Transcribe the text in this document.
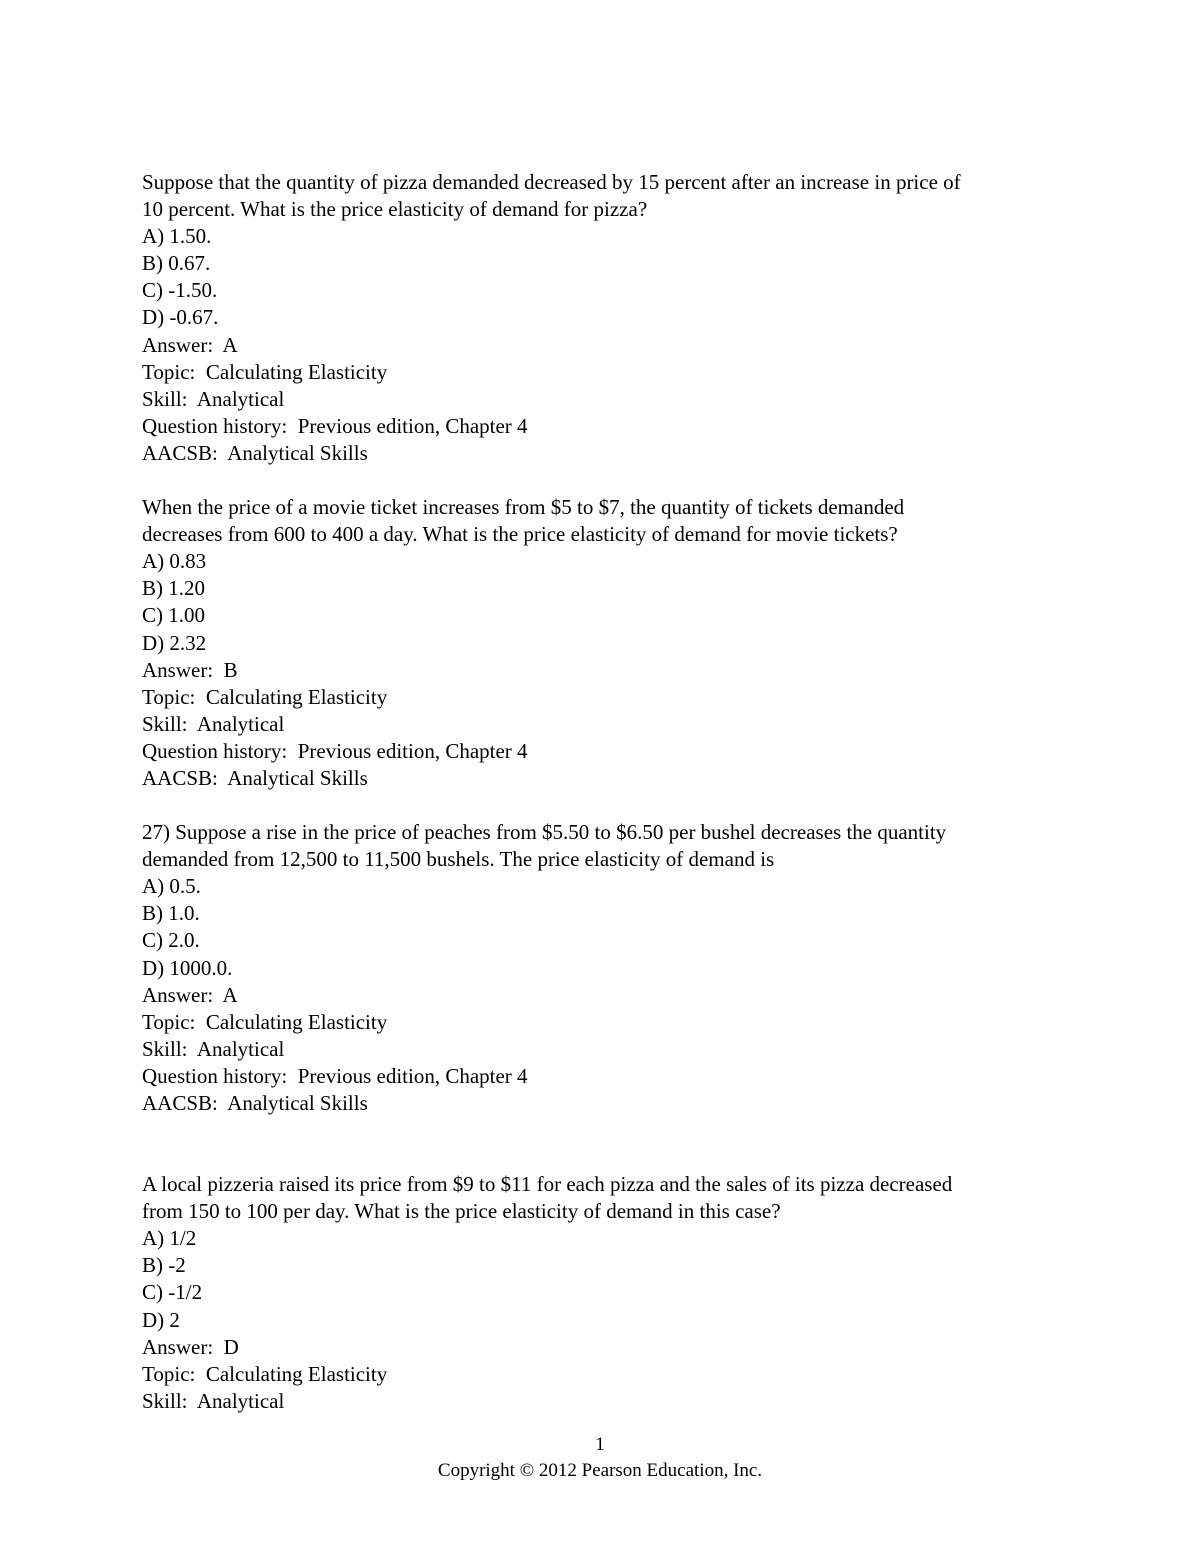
Suppose that the quantity of pizza demanded decreased by 15 percent after an increase in price of
10 percent. What is the price elasticity of demand for pizza?
A) 1.50.
B) 0.67.
C) -1.50.
D) -0.67.
Answer:  A
Topic:  Calculating Elasticity
Skill:  Analytical
Question history:  Previous edition, Chapter 4
AACSB:  Analytical Skills
When the price of a movie ticket increases from $5 to $7, the quantity of tickets demanded
decreases from 600 to 400 a day. What is the price elasticity of demand for movie tickets?
A) 0.83
B) 1.20
C) 1.00
D) 2.32
Answer:  B
Topic:  Calculating Elasticity
Skill:  Analytical
Question history:  Previous edition, Chapter 4
AACSB:  Analytical Skills
27) Suppose a rise in the price of peaches from $5.50 to $6.50 per bushel decreases the quantity
demanded from 12,500 to 11,500 bushels. The price elasticity of demand is
A) 0.5.
B) 1.0.
C) 2.0.
D) 1000.0.
Answer:  A
Topic:  Calculating Elasticity
Skill:  Analytical
Question history:  Previous edition, Chapter 4
AACSB:  Analytical Skills
A local pizzeria raised its price from $9 to $11 for each pizza and the sales of its pizza decreased
from 150 to 100 per day. What is the price elasticity of demand in this case?
A) 1/2
B) -2
C) -1/2
D) 2
Answer:  D
Topic:  Calculating Elasticity
Skill:  Analytical
1
Copyright © 2012 Pearson Education, Inc.
